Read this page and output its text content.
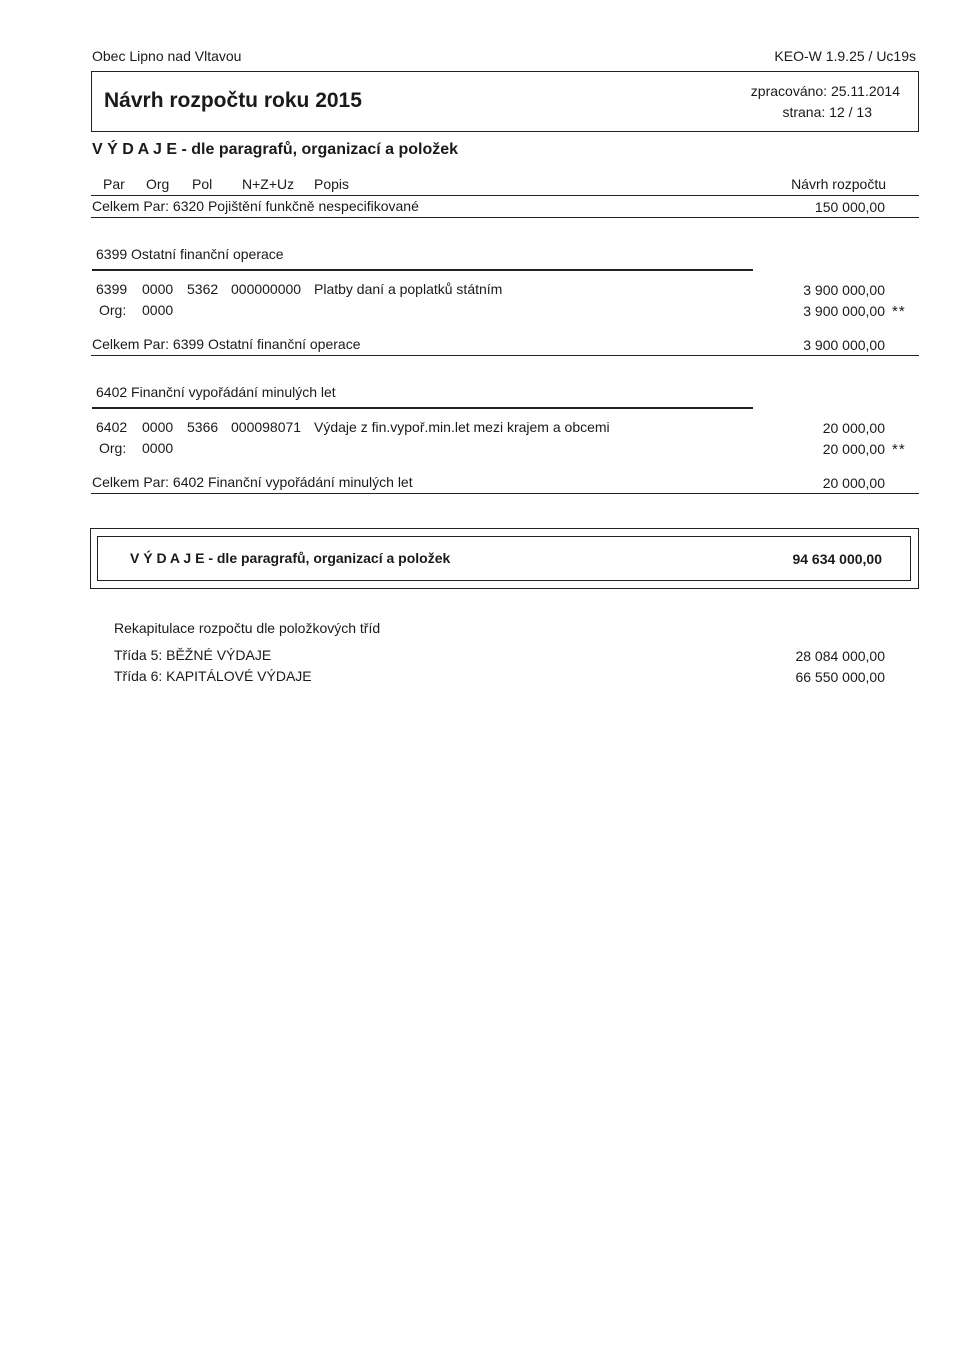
Obec Lipno nad Vltavou	KEO-W 1.9.25 / Uc19s
Návrh rozpočtu roku 2015	zpracováno: 25.11.2014
strana: 12 / 13
V Ý D A J E - dle paragrafů, organizací a položek
Par Org Pol N+Z+Uz Popis	Návrh rozpočtu
Celkem Par: 6320 Pojištění funkčně nespecifikované	150 000,00
6399 Ostatní finanční operace
6399 0000 5362 000000000 Platby daní a poplatků státním	3 900 000,00
Org: 0000	3 900 000,00 **
Celkem Par: 6399 Ostatní finanční operace	3 900 000,00
6402 Finanční vypořádání minulých let
6402 0000 5366 000098071 Výdaje z fin.vypoř.min.let mezi krajem a obcemi	20 000,00
Org: 0000	20 000,00 **
Celkem Par: 6402 Finanční vypořádání minulých let	20 000,00
V Ý D A J E - dle paragrafů, organizací a položek	94 634 000,00
Rekapitulace rozpočtu dle položkových tříd
Třída 5: BĚŽNÉ VÝDAJE	28 084 000,00
Třída 6: KAPITÁLOVÉ VÝDAJE	66 550 000,00
